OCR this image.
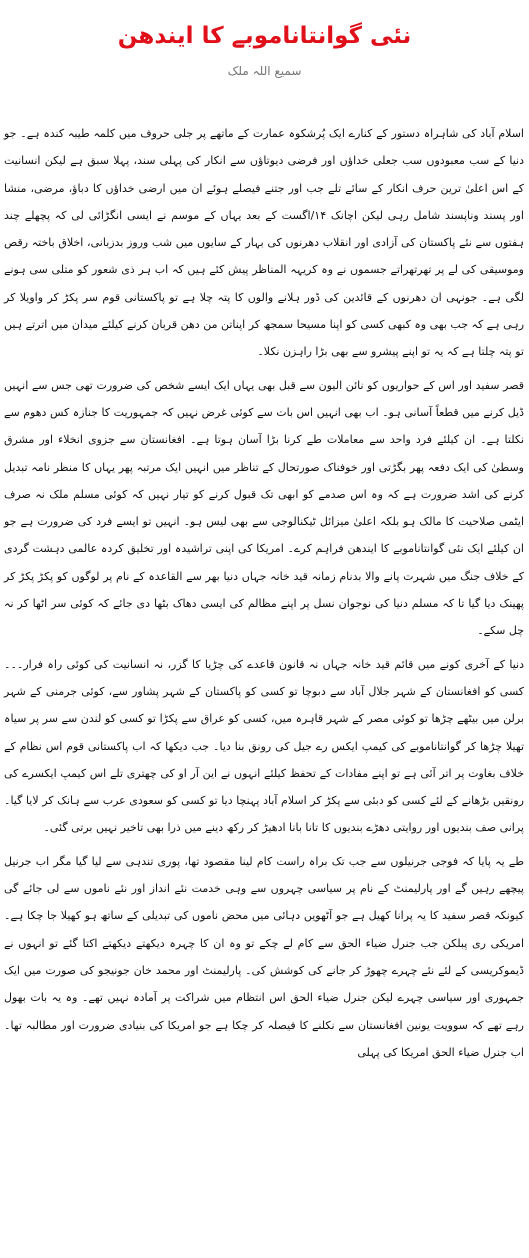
نئی گوانتاناموبے کا ایندھن
سمیع اللہ ملک

اسلام آباد کی شاہراہ دستور کے کنارے ایک پُرشکوہ عمارت کے ماتھے پر جلی حروف میں کلمہ طیبہ کندہ ہے۔ جو دنیا کے سب معبودوں سب جعلی خداؤں اور فرضی دیوتاؤں سے انکار کی پہلی سند، پہلا سبق ہے لیکن انسانیت کے اس اعلیٰ ترین حرف انکار کے سائے تلے جب اور جتنے فیصلے ہوئے ان میں ارضی خداؤں کا دباؤ، مرضی، منشا اور پسند وناپسند شامل رہی لیکن اچانک ۱۴/اگست کے بعد یہاں کے موسم نے ایسی انگڑائی لی کہ پچھلے چند ہفتوں سے نئے پاکستان کی آزادی اور انقلاب دھرنوں کی بہار کے سایوں میں شب وروز بدزبانی، اخلاق باختہ رقص وموسیقی کی لے پر تھرتھراتے جسموں نے وہ کریہہ المناظر پیش کئے ہیں کہ اب ہر ذی شعور کو متلی سی ہونے لگی ہے۔ جونہی ان دھرنوں کے قائدین کی ڈور ہلانے والوں کا پتہ چلا ہے تو پاکستانی قوم سر پکڑ کر واویلا کر رہی ہے کہ جب بھی وہ کبھی کسی کو اپنا مسیحا سمجھ کر اپناتن من دھن قربان کرنے کیلئے میدان میں اترتے ہیں تو پتہ چلتا ہے کہ یہ تو اپنے پیشرو سے بھی بڑا راہزن نکلا۔

قصر سفید اور اس کے حواریوں کو نائن الیون سے قبل بھی یہاں ایک ایسے شخص کی ضرورت تھی جس سے انہیں ڈیل کرنے میں قطعاً آسانی ہو۔ اب بھی انہیں اس بات سے کوئی غرض نہیں کہ جمہوریت کا جنازہ کس دھوم سے نکلتا ہے۔ ان کیلئے فرد واحد سے معاملات طے کرنا بڑا آسان ہوتا ہے۔ افغانستان سے جزوی انخلاء اور مشرق وسطیٰ کی ایک دفعہ پھر بگڑتی اور خوفناک صورتحال کے تناظر میں انہیں ایک مرتبہ پھر یہاں کا منظر نامہ تبدیل کرنے کی اشد ضرورت ہے کہ وہ اس صدمے کو ابھی تک قبول کرنے کو تیار نہیں کہ کوئی مسلم ملک نہ صرف ایٹمی صلاحیت کا مالک ہو بلکہ اعلیٰ میزائل ٹیکنالوجی سے بھی لیس ہو۔ انہیں تو ایسے فرد کی ضرورت ہے جو ان کیلئے ایک نئی گوانتاناموبے کا ایندھن فراہم کرے۔ امریکا کی اپنی تراشیدہ اور تخلیق کردہ عالمی دہشت گردی کے خلاف جنگ میں شہرت پانے والا بدنام زمانہ قید خانہ جہاں دنیا بھر سے القاعدہ کے نام پر لوگوں کو پکڑ پکڑ کر پھینک دیا گیا تا کہ مسلم دنیا کی نوجوان نسل پر اپنے مظالم کی ایسی دھاک بٹھا دی جائے کہ کوئی سر اٹھا کر نہ چل سکے۔

دنیا کے آخری کونے میں قائم قید خانہ جہاں نہ قانون قاعدے کی چڑیا کا گزر، نہ انسانیت کی کوئی راہ فرار۔۔۔ کسی کو افغانستان کے شہر جلال آباد سے دبوچا تو کسی کو پاکستان کے شہر پشاور سے، کوئی جرمنی کے شہر برلن میں بیٹھے چڑھا تو کوئی مصر کے شہر قاہرہ میں، کسی کو عراق سے پکڑا تو کسی کو لندن سے سر پر سیاہ تھیلا چڑھا کر گوانتاناموبے کی کیمپ ایکس رے جیل کی رونق بنا دیا۔ جب دیکھا کہ اب پاکستانی قوم اس نظام کے خلاف بغاوت پر اتر آئی ہے تو اپنے مفادات کے تحفظ کیلئے انہوں نے این آر او کی چھتری تلے اس کیمپ ایکسرے کی رونقیں بڑھانے کے لئے کسی کو دبئی سے پکڑ کر اسلام آباد پہنچا دیا تو کسی کو سعودی عرب سے ہانک کر لایا گیا۔ پرانی صف بندیوں اور روایتی دھڑے بندیوں کا تانا بانا ادھیڑ کر رکھ دینے میں ذرا بھی تاخیر نہیں برتی گئی۔

طے یہ پایا کہ فوجی جرنیلوں سے جب تک براہ راست کام لینا مقصود تھا، پوری تندہی سے لیا گیا مگر اب جرنیل پیچھے رہیں گے اور پارلیمنٹ کے نام پر سیاسی چہروں سے وہی خدمت نئے انداز اور نئے ناموں سے لی جائے گی کیونکہ قصر سفید کا یہ پرانا کھیل ہے جو آٹھویں دہائی میں محض ناموں کی تبدیلی کے ساتھ ہو کھیلا جا چکا ہے۔ امریکی ری پبلکن جب جنرل ضیاء الحق سے کام لے چکے تو وہ ان کا چہرہ دیکھتے دیکھتے اکتا گئے تو انہوں نے ڈیموکریسی کے لئے نئے چہرے چھوڑ کر جانے کی کوشش کی۔ پارلیمنٹ اور محمد خان جونیجو کی صورت میں ایک جمہوری اور سیاسی چہرے لیکن جنرل ضیاء الحق اس انتظام میں شراکت پر آمادہ نہیں تھے۔ وہ یہ بات بھول رہے تھے کہ سوویت یونین افغانستان سے نکلنے کا فیصلہ کر چکا ہے جو امریکا کی بنیادی ضرورت اور مطالبہ تھا۔ اب جنرل ضیاء الحق امریکا کی پہلی
